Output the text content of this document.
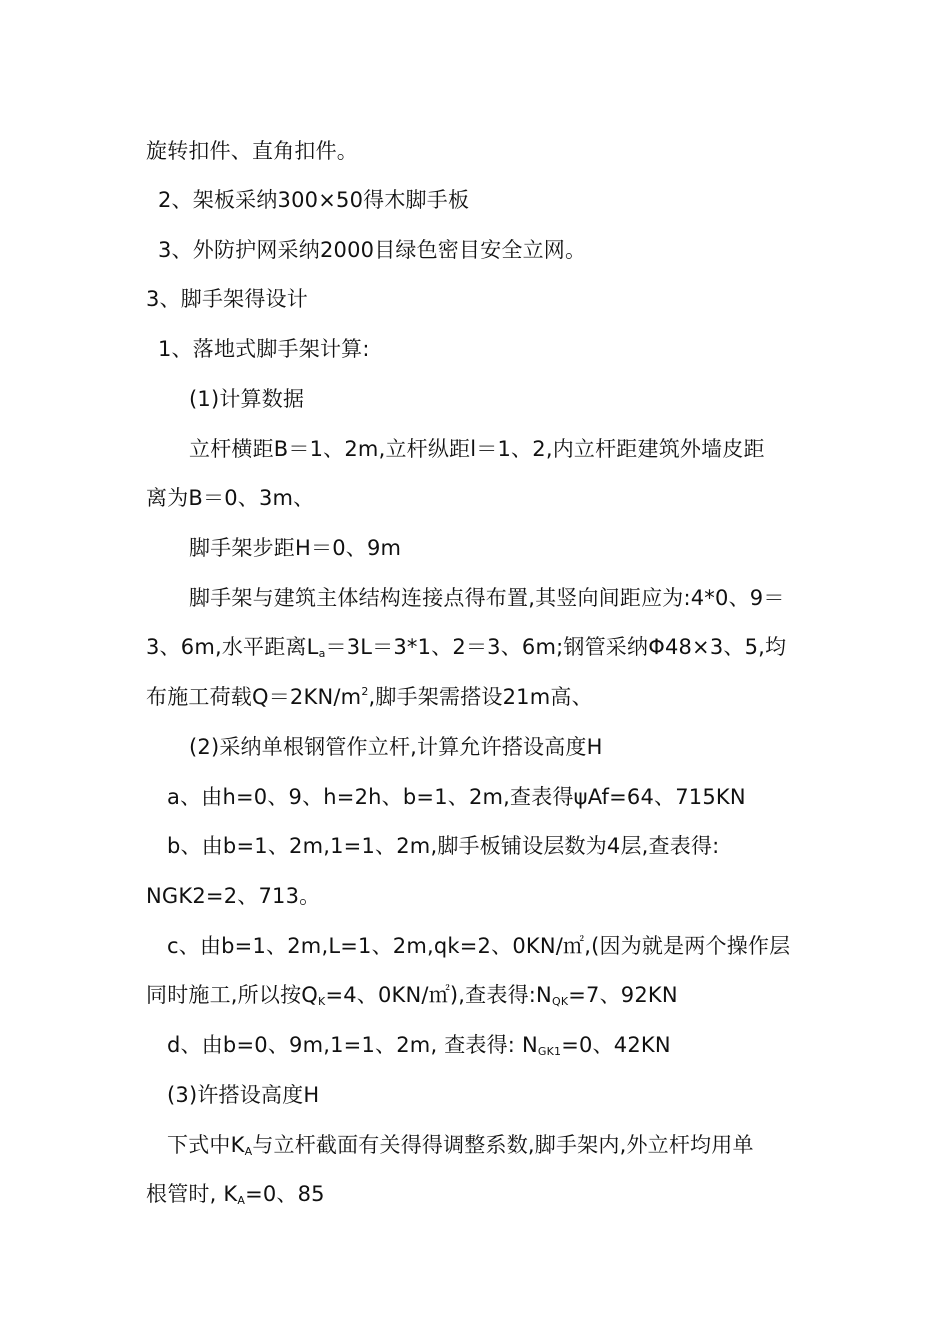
旋转扣件、直角扣件。
2、架板采纳300×50得木脚手板
3、外防护网采纳2000目绿色密目安全立网。
3、脚手架得设计
1、落地式脚手架计算:
(1)计算数据
立杆横距B＝1、2m,立杆纵距l＝1、2,内立杆距建筑外墙皮距
离为B＝0、3m、
脚手架步距H＝0、9m
脚手架与建筑主体结构连接点得布置,其竖向间距应为:4*0、9＝
3、6m,水平距离$L_a=3L=3*1$、2＝3、6m;钢管采纳Φ48×3、5,均
布施工荷载$Q=2KN/m^2$,脚手架需搭设21m高、
(2)采纳单根钢管作立杆,计算允许搭设高度H
a、由h=0、9、h=2h、b=1、2m,查表得ψAf=64、715KN
b、由b=1、2m,1=1、2m,脚手板铺设层数为4层,查表得:
NGK2=2、713。
c、由b=1、2m,L=1、2m,qk=2、0KN/㎡,(因为就是两个操作层
同时施工,所以按$Q_K=4$、0KN/㎡),查表得$:N_{QK}=7$、92KN
d、由b=0、9m,1=1、2m, 查表得: $N_{GK1}=0$、42KN
(3)许搭设高度H
下式中$K_A$与立杆截面有关得得调整系数,脚手架内,外立杆均用单
根管时, $K_A=0$、85
